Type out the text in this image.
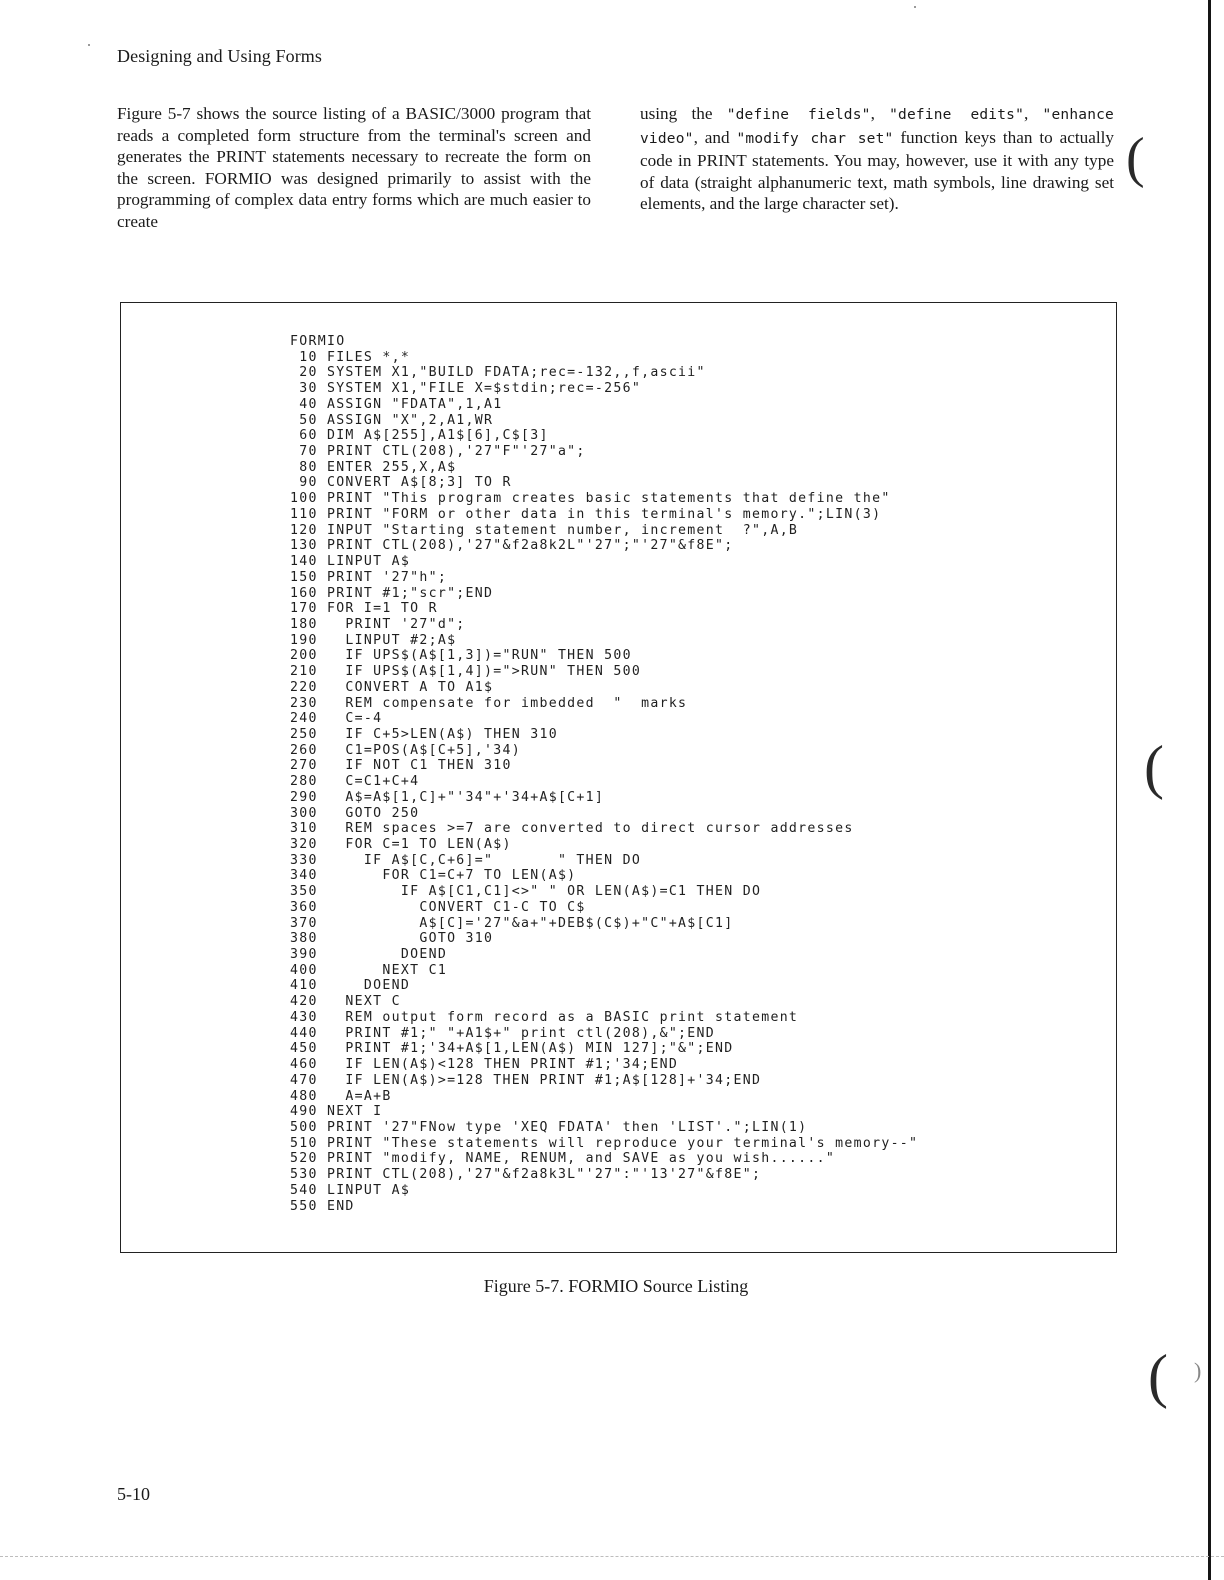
Designing and Using Forms
Figure 5-7 shows the source listing of a BASIC/3000 program that reads a completed form structure from the terminal's screen and generates the PRINT statements necessary to recreate the form on the screen. FORMIO was designed primarily to assist with the programming of complex data entry forms which are much easier to create
using the "define fields", "define edits", "enhance video", and "modify char set" function keys than to actually code in PRINT statements. You may, however, use it with any type of data (straight alphanumeric text, math symbols, line drawing set elements, and the large character set).
FORMIO
10 FILES *,*
20 SYSTEM X1,"BUILD FDATA;rec=-132,,f,ascii"
30 SYSTEM X1,"FILE X=$stdin;rec=-256"
40 ASSIGN "FDATA",1,A1
50 ASSIGN "X",2,A1,WR
60 DIM A$[255],A1$[6],C$[3]
70 PRINT CTL(208),'27"F"'27"a";
80 ENTER 255,X,A$
90 CONVERT A$[8;3] TO R
100 PRINT "This program creates basic statements that define the"
110 PRINT "FORM or other data in this terminal's memory.";LIN(3)
120 INPUT "Starting statement number, increment  ?",A,B
130 PRINT CTL(208),'27"&f2a8k2L"'27";"'27"&f8E";
140 LINPUT A$
150 PRINT '27"h";
160 PRINT #1;"scr";END
170 FOR I=1 TO R
180   PRINT '27"d";
190   LINPUT #2;A$
200   IF UPS$(A$[1,3])="RUN" THEN 500
210   IF UPS$(A$[1,4])=">RUN" THEN 500
220   CONVERT A TO A1$
230   REM compensate for imbedded  "  marks
240   C=-4
250   IF C+5>LEN(A$) THEN 310
260   C1=POS(A$[C+5],'34)
270   IF NOT C1 THEN 310
280   C=C1+C+4
290   A$=A$[1,C]+"'34"+'34+A$[C+1]
300   GOTO 250
310   REM spaces >=7 are converted to direct cursor addresses
320   FOR C=1 TO LEN(A$)
330     IF A$[C,C+6]="       " THEN DO
340       FOR C1=C+7 TO LEN(A$)
350         IF A$[C1,C1]<>" " OR LEN(A$)=C1 THEN DO
360           CONVERT C1-C TO C$
370           A$[C]='27"&a+"+DEB$(C$)+"C"+A$[C1]
380           GOTO 310
390         DOEND
400       NEXT C1
410     DOEND
420   NEXT C
430   REM output form record as a BASIC print statement
440   PRINT #1;" "+A1$+" print ctl(208),&";END
450   PRINT #1;'34+A$[1,LEN(A$) MIN 127];"&";END
460   IF LEN(A$)<128 THEN PRINT #1;'34;END
470   IF LEN(A$)>=128 THEN PRINT #1;A$[128]+'34;END
480   A=A+B
490 NEXT I
500 PRINT '27"FNow type 'XEQ FDATA' then 'LIST'.";LIN(1)
510 PRINT "These statements will reproduce your terminal's memory--"
520 PRINT "modify, NAME, RENUM, and SAVE as you wish......"
530 PRINT CTL(208),'27"&f2a8k3L"'27":"'13'27"&f8E";
540 LINPUT A$
550 END
Figure 5-7. FORMIO Source Listing
5-10
(
(
( )
